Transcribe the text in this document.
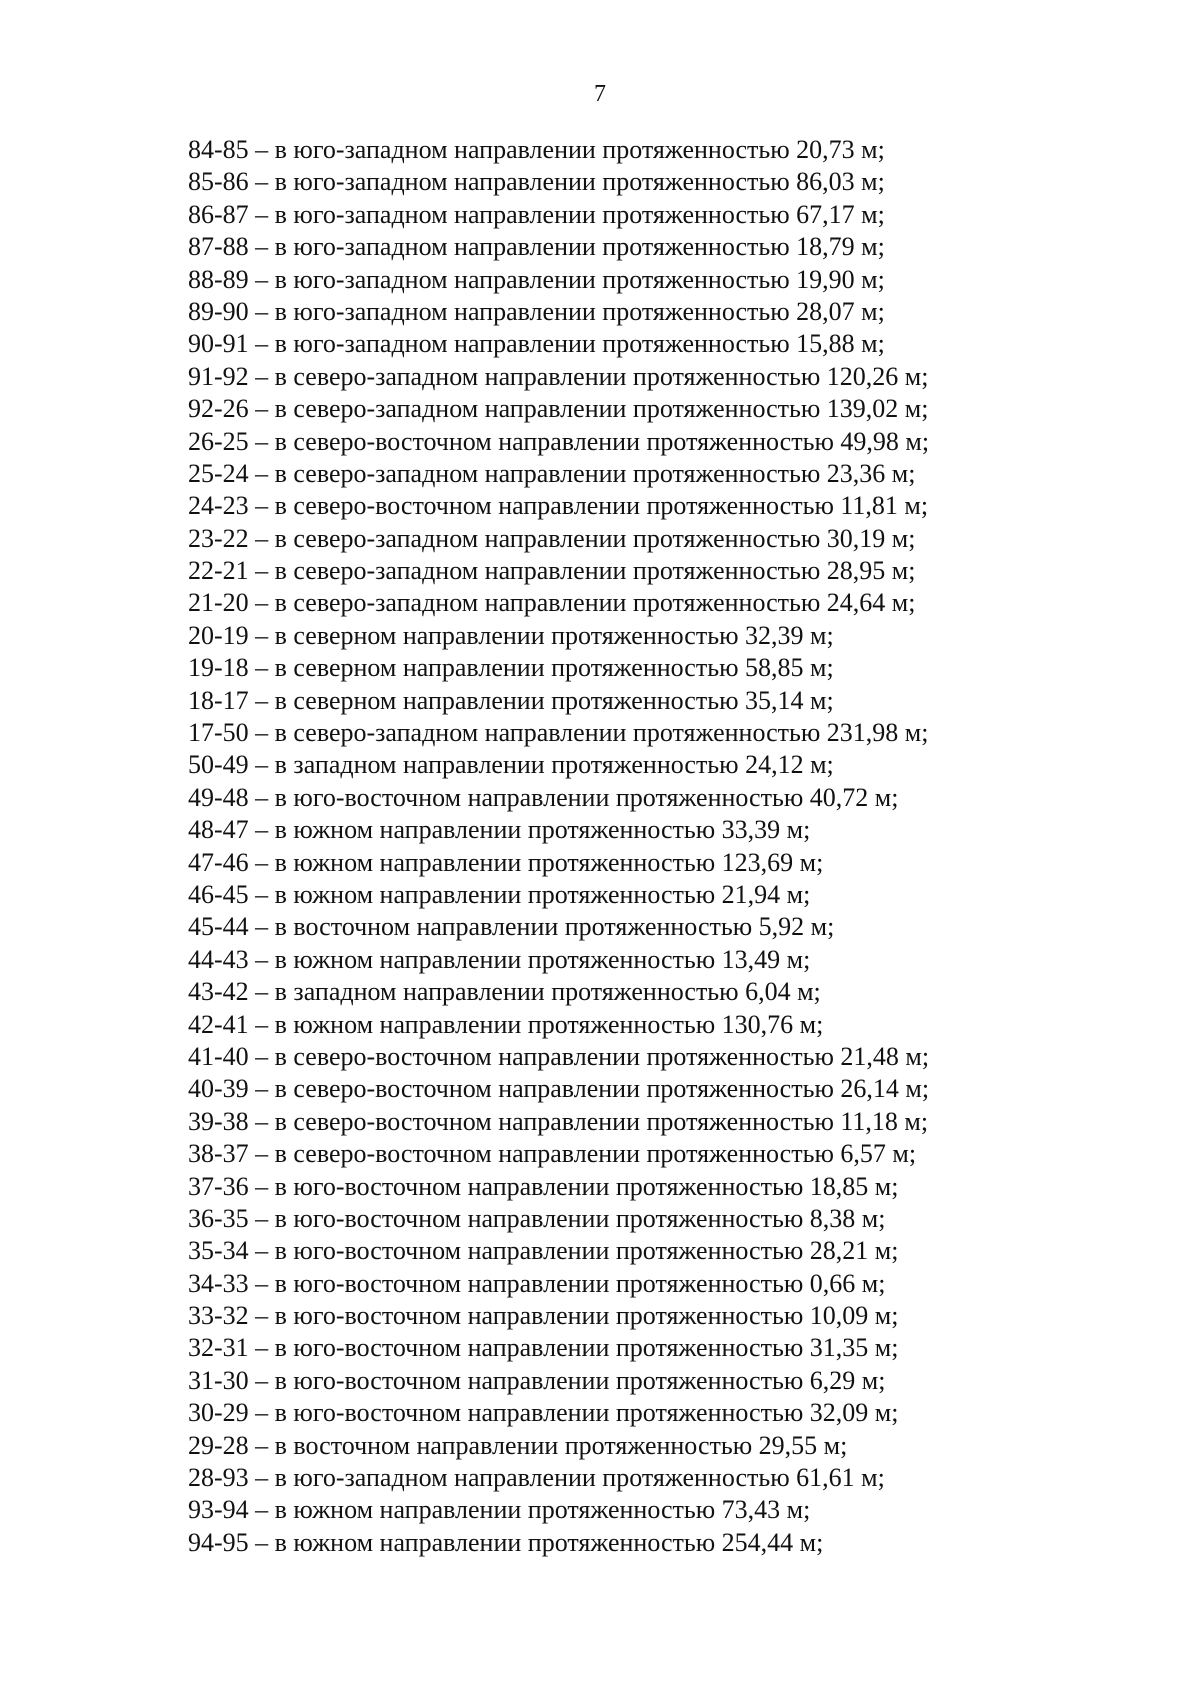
7
84-85 – в юго-западном направлении протяженностью 20,73 м;
85-86 – в юго-западном направлении протяженностью 86,03 м;
86-87 – в юго-западном направлении протяженностью 67,17 м;
87-88 – в юго-западном направлении протяженностью 18,79 м;
88-89 – в юго-западном направлении протяженностью 19,90 м;
89-90 – в юго-западном направлении протяженностью 28,07 м;
90-91 – в юго-западном направлении протяженностью 15,88 м;
91-92 – в северо-западном направлении протяженностью 120,26 м;
92-26 – в северо-западном направлении протяженностью 139,02 м;
26-25 – в северо-восточном направлении протяженностью 49,98 м;
25-24 – в северо-западном направлении протяженностью 23,36 м;
24-23 – в северо-восточном направлении протяженностью 11,81 м;
23-22 – в северо-западном направлении протяженностью 30,19 м;
22-21 – в северо-западном направлении протяженностью 28,95 м;
21-20 – в северо-западном направлении протяженностью 24,64 м;
20-19 – в северном направлении протяженностью 32,39 м;
19-18 – в северном направлении протяженностью 58,85 м;
18-17 – в северном направлении протяженностью 35,14 м;
17-50 – в северо-западном направлении протяженностью 231,98 м;
50-49 – в западном направлении протяженностью 24,12 м;
49-48 – в юго-восточном направлении протяженностью 40,72 м;
48-47 – в южном направлении протяженностью 33,39 м;
47-46 – в южном направлении протяженностью 123,69 м;
46-45 – в южном направлении протяженностью 21,94 м;
45-44 – в восточном направлении протяженностью 5,92 м;
44-43 – в южном направлении протяженностью 13,49 м;
43-42 – в западном направлении протяженностью 6,04 м;
42-41 – в южном направлении протяженностью 130,76 м;
41-40 – в северо-восточном направлении протяженностью 21,48 м;
40-39 – в северо-восточном направлении протяженностью 26,14 м;
39-38 – в северо-восточном направлении протяженностью 11,18 м;
38-37 – в северо-восточном направлении протяженностью 6,57 м;
37-36 – в юго-восточном направлении протяженностью 18,85 м;
36-35 – в юго-восточном направлении протяженностью 8,38 м;
35-34 – в юго-восточном направлении протяженностью 28,21 м;
34-33 – в юго-восточном направлении протяженностью 0,66 м;
33-32 – в юго-восточном направлении протяженностью 10,09 м;
32-31 – в юго-восточном направлении протяженностью 31,35 м;
31-30 – в юго-восточном направлении протяженностью 6,29 м;
30-29 – в юго-восточном направлении протяженностью 32,09 м;
29-28 – в восточном направлении протяженностью 29,55 м;
28-93 – в юго-западном направлении протяженностью 61,61 м;
93-94 – в южном направлении протяженностью 73,43 м;
94-95 – в южном направлении протяженностью 254,44 м;
